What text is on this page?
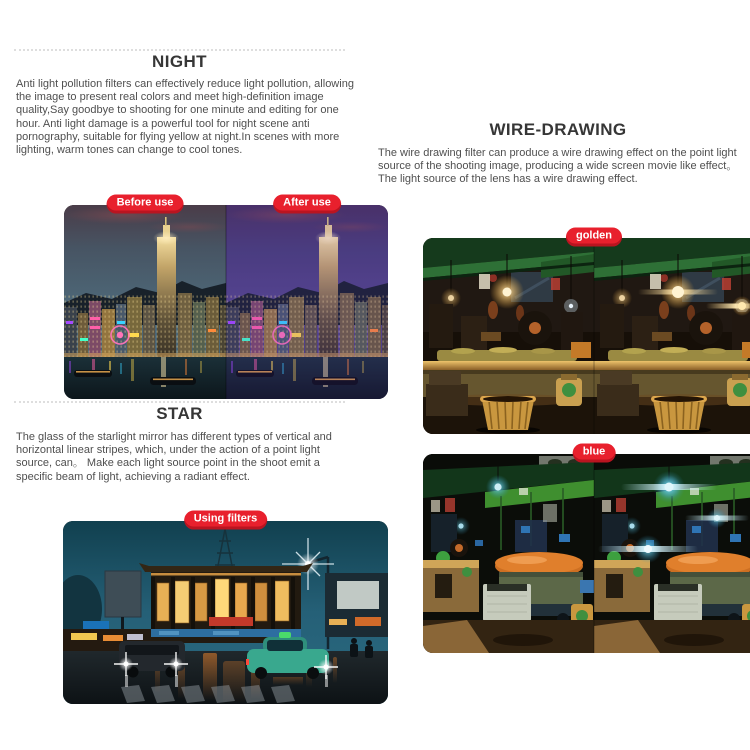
NIGHT

Anti light pollution filters can effectively reduce light pollution, allowing the image to present real colors and meet high-definition image quality,Say goodbye to shooting for one minute and editing for one hour. Anti light damage is a powerful tool for night scene anti pornography, suitable for flying yellow at night.In scenes with more lighting, warm tones can change to cool tones.

Before use	After use
STAR

The glass of the starlight mirror has different types of vertical and horizontal linear stripes, which, under the action of a point light source, can。 Make each light source point in the shoot emit a specific beam of light, achieving a radiant effect.

Using filters
WIRE-DRAWING

The wire drawing filter can produce a wire drawing effect on the point light source of the shooting image, producing a wide screen movie like effect。 The light source of the lens has a wire drawing effect.

golden
blue
